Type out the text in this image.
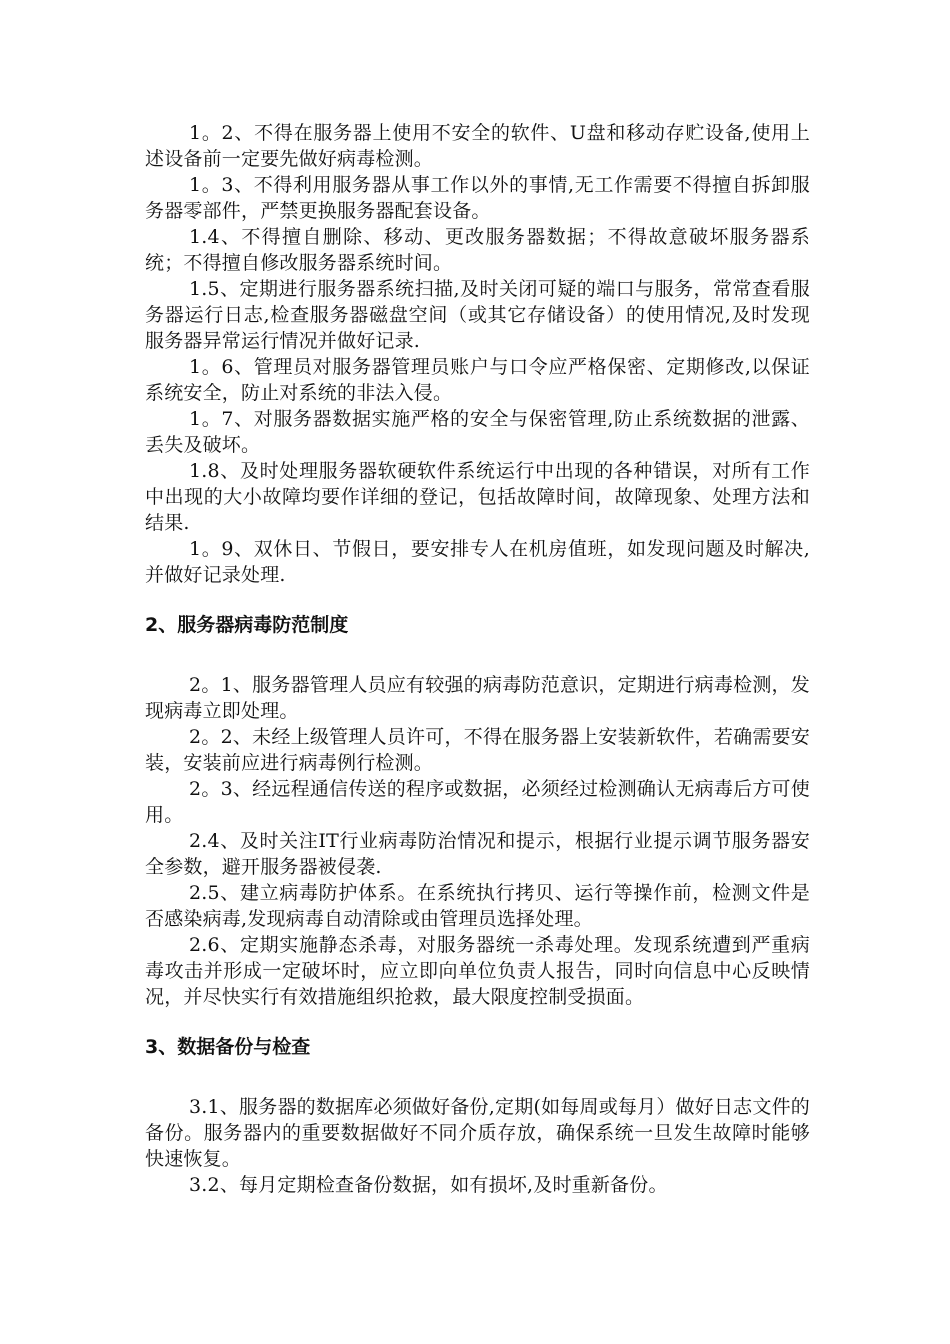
1。2、不得在服务器上使用不安全的软件、U盘和移动存贮设备,使用上述设备前一定要先做好病毒检测。

1。3、不得利用服务器从事工作以外的事情,无工作需要不得擅自拆卸服务器零部件，严禁更换服务器配套设备。

1.4、不得擅自删除、移动、更改服务器数据；不得故意破坏服务器系统；不得擅自修改服务器系统时间。

1.5、定期进行服务器系统扫描,及时关闭可疑的端口与服务，常常查看服务器运行日志,检查服务器磁盘空间（或其它存储设备）的使用情况,及时发现服务器异常运行情况并做好记录.

1。6、管理员对服务器管理员账户与口令应严格保密、定期修改,以保证系统安全，防止对系统的非法入侵。

1。7、对服务器数据实施严格的安全与保密管理,防止系统数据的泄露、丢失及破坏。

1.8、及时处理服务器软硬软件系统运行中出现的各种错误，对所有工作中出现的大小故障均要作详细的登记，包括故障时间，故障现象、处理方法和结果.

1。9、双休日、节假日，要安排专人在机房值班，如发现问题及时解决,并做好记录处理.

2、服务器病毒防范制度

2。1、服务器管理人员应有较强的病毒防范意识，定期进行病毒检测，发现病毒立即处理。

2。2、未经上级管理人员许可，不得在服务器上安装新软件，若确需要安装，安装前应进行病毒例行检测。

2。3、经远程通信传送的程序或数据，必须经过检测确认无病毒后方可使用。

2.4、及时关注IT行业病毒防治情况和提示，根据行业提示调节服务器安全参数，避开服务器被侵袭.

2.5、建立病毒防护体系。在系统执行拷贝、运行等操作前，检测文件是否感染病毒,发现病毒自动清除或由管理员选择处理。

2.6、定期实施静态杀毒，对服务器统一杀毒处理。发现系统遭到严重病毒攻击并形成一定破坏时，应立即向单位负责人报告，同时向信息中心反映情况，并尽快实行有效措施组织抢救，最大限度控制受损面。

3、数据备份与检查

3.1、服务器的数据库必须做好备份,定期(如每周或每月）做好日志文件的备份。服务器内的重要数据做好不同介质存放，确保系统一旦发生故障时能够快速恢复。

3.2、每月定期检查备份数据，如有损坏,及时重新备份。
